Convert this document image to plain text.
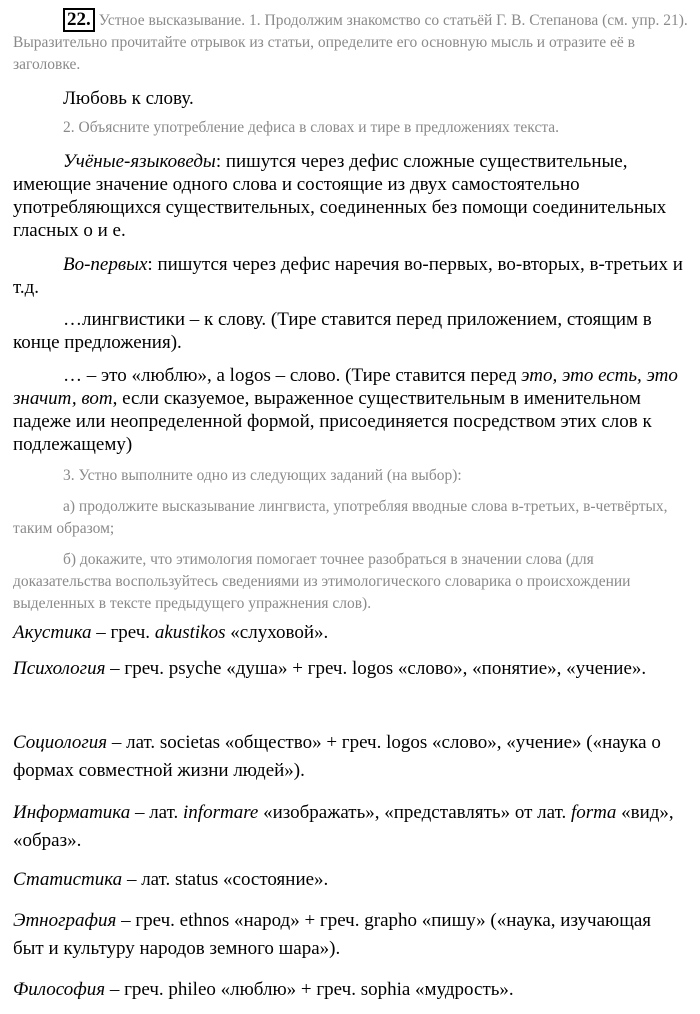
22. Устное высказывание. 1. Продолжим знакомство со статьёй Г. В. Степанова (см. упр. 21). Выразительно прочитайте отрывок из статьи, определите его основную мысль и отразите её в заголовке.
Любовь к слову.
2. Объясните употребление дефиса в словах и тире в предложениях текста.
Учёные-языковеды: пишутся через дефис сложные существительные, имеющие значение одного слова и состоящие из двух самостоятельно употребляющихся существительных, соединенных без помощи соединительных гласных о и е.
Во-первых: пишутся через дефис наречия во-первых, во-вторых, в-третьих и т.д.
…лингвистики – к слову. (Тире ставится перед приложением, стоящим в конце предложения).
… – это «люблю», а logos – слово. (Тире ставится перед это, это есть, это значит, вот, если сказуемое, выраженное существительным в именительном падеже или неопределенной формой, присоединяется посредством этих слов к подлежащему)
3. Устно выполните одно из следующих заданий (на выбор):
а) продолжите высказывание лингвиста, употребляя вводные слова в-третьих, в-четвёртых, таким образом;
б) докажите, что этимология помогает точнее разобраться в значении слова (для доказательства воспользуйтесь сведениями из этимологического словарика о происхождении выделенных в тексте предыдущего упражнения слов).
Акустика – греч. akustikos «слуховой».
Психология – греч. psyche «душа» + греч. logos «слово», «понятие», «учение».
Социология – лат. societas «общество» + греч. logos «слово», «учение» («наука о формах совместной жизни людей»).
Информатика – лат. informare «изображать», «представлять» от лат. forma «вид», «образ».
Статистика – лат. status «состояние».
Этнография – греч. ethnos «народ» + греч. grapho «пишу» («наука, изучающая быт и культуру народов земного шара»).
Философия – греч. phileo «люблю» + греч. sophia «мудрость».
